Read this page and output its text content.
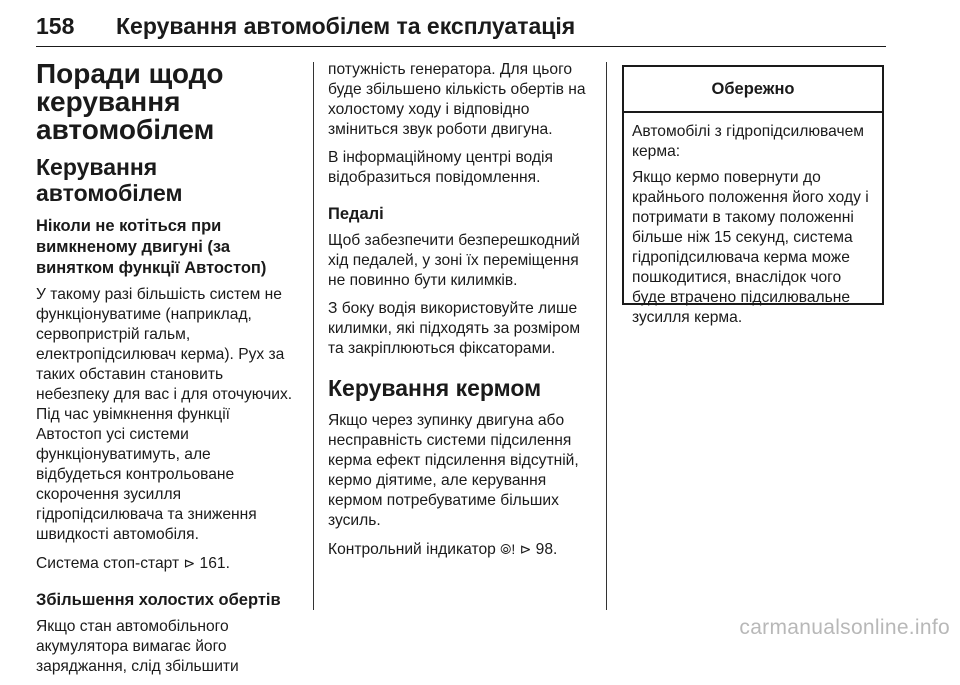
158 Керування автомобілем та експлуатація
Поради щодо керування автомобілем
Керування автомобілем
Ніколи не котіться при вимкненому двигуні (за винятком функції Автостоп)

У такому разі більшість систем не функціонуватиме (наприклад, сервопристрій гальм, електропідсилювач керма). Рух за таких обставин становить небезпеку для вас і для оточуючих. Під час увімкнення функції Автостоп усі системи функціонуватимуть, але відбудеться контрольоване скорочення зусилля гідропідсилювача та зниження швидкості автомобіля.

Система стоп-старт ⊳ 161.

Збільшення холостих обертів

Якщо стан автомобільного акумулятора вимагає його заряджання, слід збільшити

потужність генератора. Для цього буде збільшено кількість обертів на холостому ходу і відповідно зміниться звук роботи двигуна.

В інформаційному центрі водія відобразиться повідомлення.

Педалі

Щоб забезпечити безперешкодний хід педалей, у зоні їх переміщення не повинно бути килимків.

З боку водія використовуйте лише килимки, які підходять за розміром та закріплюються фіксаторами.

Керування кермом

Якщо через зупинку двигуна або несправність системи підсилення керма ефект підсилення відсутній, кермо діятиме, але керування кермом потребуватиме більших зусиль.

Контрольний індикатор ⦾! ⊳ 98.

Обережно

Автомобілі з гідропідсилювачем керма:

Якщо кермо повернути до крайнього положення його ходу і потримати в такому положенні більше ніж 15 секунд, система гідропідсилювача керма може пошкодитися, внаслідок чого буде втрачено підсилювальне зусилля керма.

carmanualsonline.info
